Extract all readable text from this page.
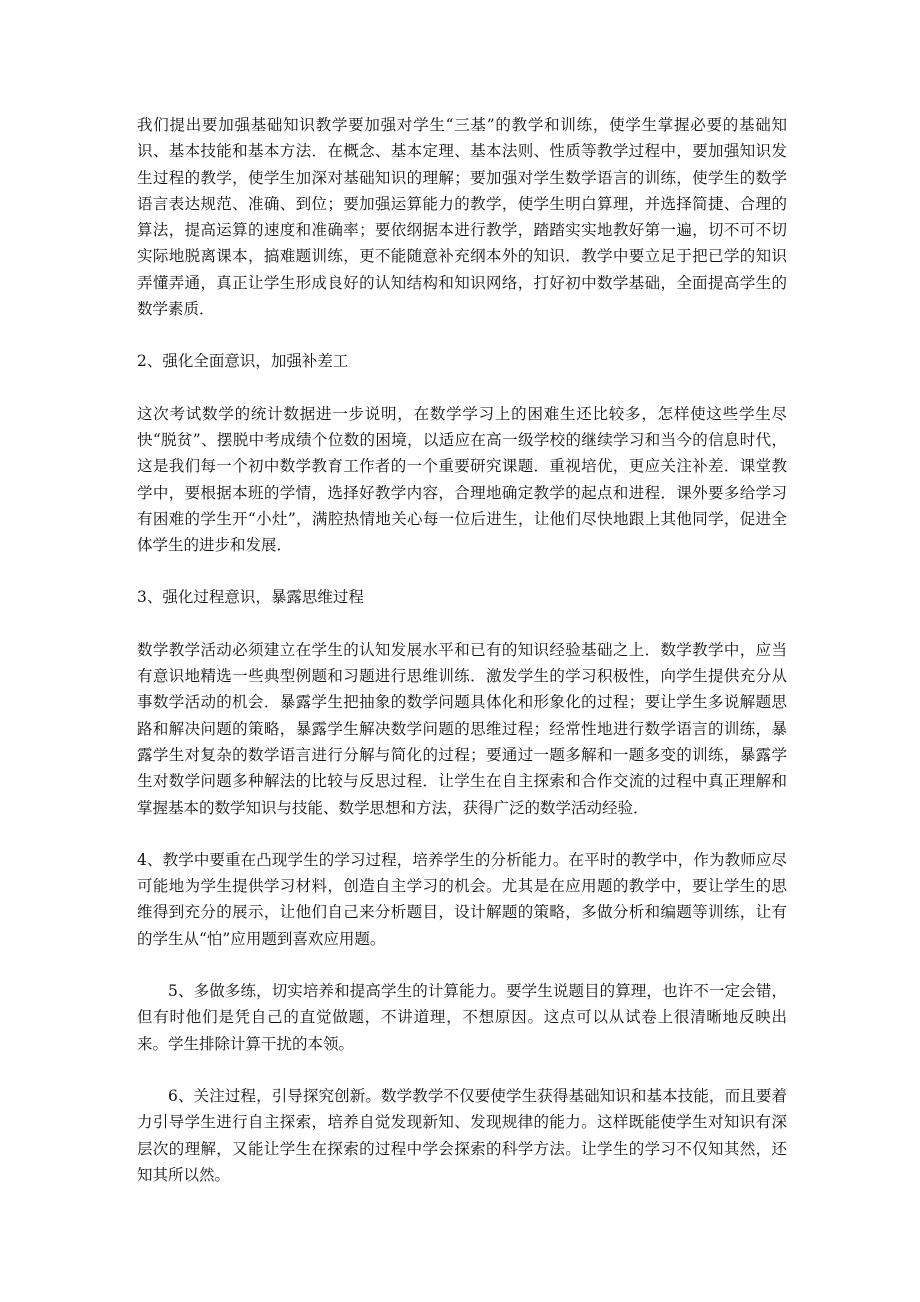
我们提出要加强基础知识教学要加强对学生“三基”的教学和训练，使学生掌握必要的基础知识、基本技能和基本方法．在概念、基本定理、基本法则、性质等教学过程中，要加强知识发生过程的教学，使学生加深对基础知识的理解；要加强对学生数学语言的训练，使学生的数学语言表达规范、准确、到位；要加强运算能力的教学，使学生明白算理，并选择简捷、合理的算法，提高运算的速度和准确率；要依纲据本进行教学，踏踏实实地教好第一遍，切不可不切实际地脱离课本，搞难题训练，更不能随意补充纲本外的知识．教学中要立足于把已学的知识弄懂弄通，真正让学生形成良好的认知结构和知识网络，打好初中数学基础，全面提高学生的数学素质．

2、强化全面意识，加强补差工

这次考试数学的统计数据进一步说明，在数学学习上的困难生还比较多，怎样使这些学生尽快“脱贫”、摆脱中考成绩个位数的困境，以适应在高一级学校的继续学习和当今的信息时代，这是我们每一个初中数学教育工作者的一个重要研究课题．重视培优，更应关注补差．课堂教学中，要根据本班的学情，选择好教学内容，合理地确定教学的起点和进程．课外要多给学习有困难的学生开“小灶”，满腔热情地关心每一位后进生，让他们尽快地跟上其他同学，促进全体学生的进步和发展．

3、强化过程意识，暴露思维过程

数学教学活动必须建立在学生的认知发展水平和已有的知识经验基础之上．数学教学中，应当有意识地精选一些典型例题和习题进行思维训练．激发学生的学习积极性，向学生提供充分从事数学活动的机会．暴露学生把抽象的数学问题具体化和形象化的过程；要让学生多说解题思路和解决问题的策略，暴露学生解决数学问题的思维过程；经常性地进行数学语言的训练，暴露学生对复杂的数学语言进行分解与简化的过程；要通过一题多解和一题多变的训练，暴露学生对数学问题多种解法的比较与反思过程．让学生在自主探索和合作交流的过程中真正理解和掌握基本的数学知识与技能、数学思想和方法，获得广泛的数学活动经验．

4、教学中要重在凸现学生的学习过程，培养学生的分析能力。在平时的教学中，作为教师应尽可能地为学生提供学习材料，创造自主学习的机会。尤其是在应用题的教学中，要让学生的思维得到充分的展示，让他们自己来分析题目，设计解题的策略，多做分析和编题等训练，让有的学生从“怕”应用题到喜欢应用题。

5、多做多练，切实培养和提高学生的计算能力。要学生说题目的算理，也许不一定会错，但有时他们是凭自己的直觉做题，不讲道理，不想原因。这点可以从试卷上很清晰地反映出来。学生排除计算干扰的本领。

6、关注过程，引导探究创新。数学教学不仅要使学生获得基础知识和基本技能，而且要着力引导学生进行自主探索，培养自觉发现新知、发现规律的能力。这样既能使学生对知识有深层次的理解，又能让学生在探索的过程中学会探索的科学方法。让学生的学习不仅知其然，还知其所以然。
